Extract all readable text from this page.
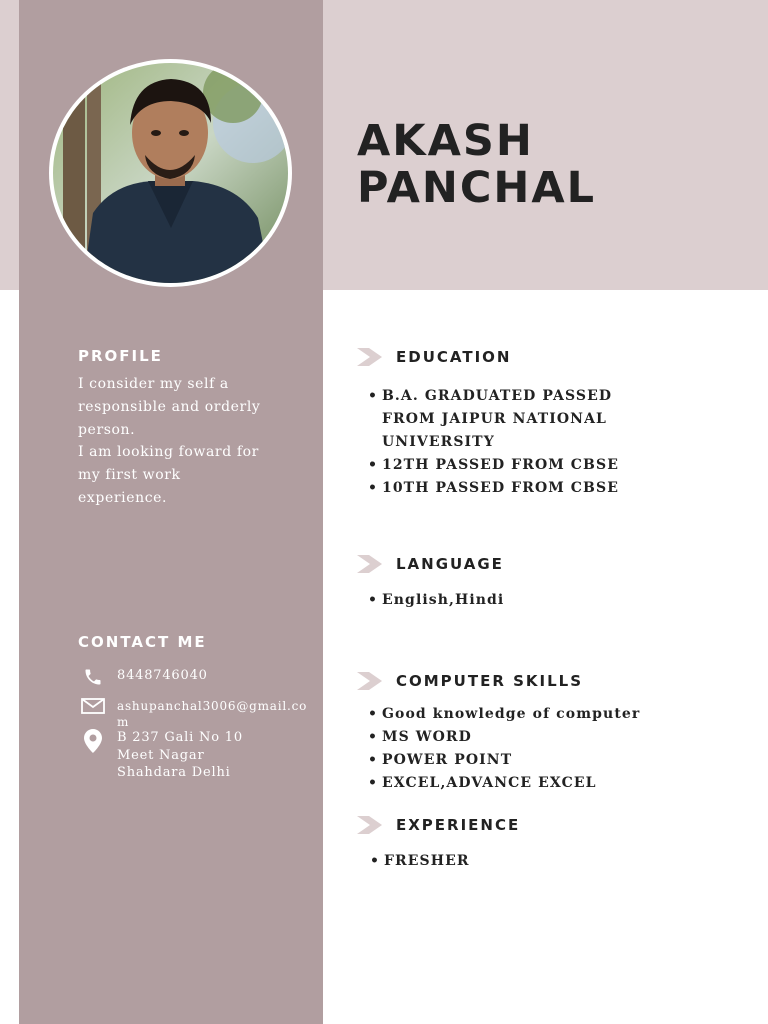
AKASH
PANCHAL
PROFILE
I consider my self a
responsible and orderly
person.
I am looking foward for
my first work
experience.
CONTACT ME
8448746040
ashupanchal3006@gmail.com
B 237 Gali No 10
Meet Nagar
Shahdara Delhi
EDUCATION
• B.A. GRADUATED PASSED FROM JAIPUR NATIONAL UNIVERSITY
• 12TH PASSED FROM CBSE
• 10TH PASSED FROM CBSE
LANGUAGE
• English,Hindi
COMPUTER SKILLS
• Good knowledge of computer
• MS WORD
• POWER POINT
• EXCEL,ADVANCE EXCEL
EXPERIENCE
• FRESHER
